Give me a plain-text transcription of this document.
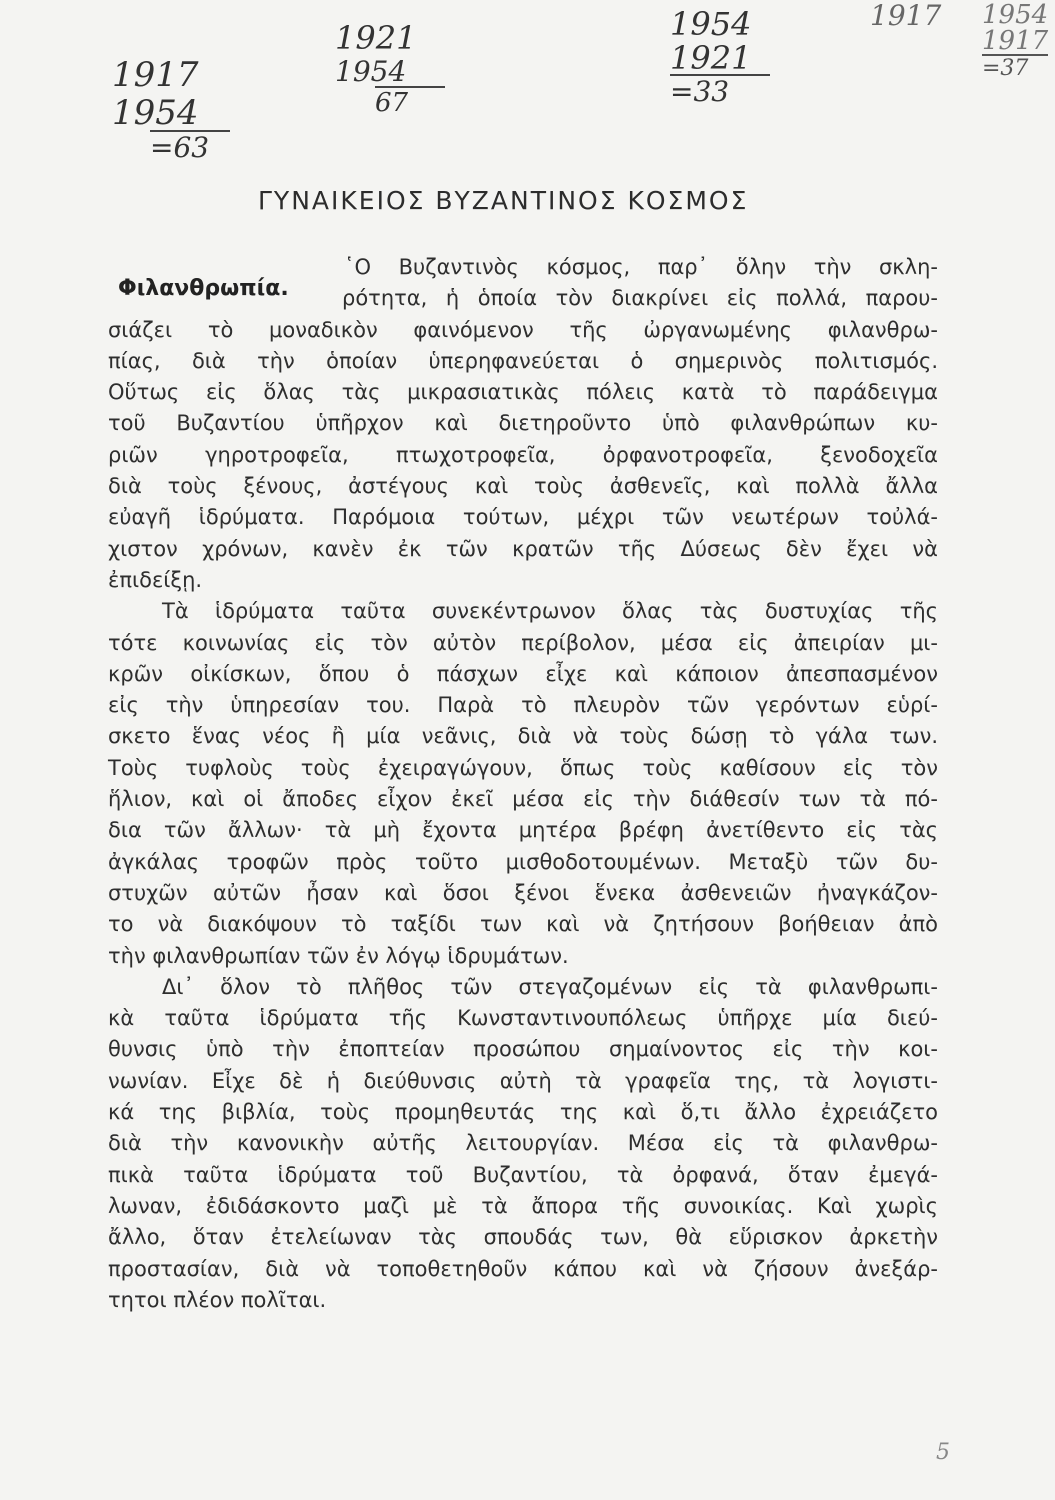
1917
1954
=63
1921
1954
67
1954
1921
=33
1917 1954
1917
=37
ΓΥΝΑΙΚΕΙΟΣ ΒΥΖΑΝΤΙΝΟΣ ΚΟΣΜΟΣ
Φιλανθρωπία.
῾Ο Βυζαντινὸς κόσμος, παρ᾽ ὅλην τὴν σκλη-
ρότητα, ἡ ὁποία τὸν διακρίνει εἰς πολλά, παρου-
σιάζει τὸ μοναδικὸν φαινόμενον τῆς ὠργανωμένης φιλανθρω-
πίας, διὰ τὴν ὁποίαν ὑπερηφανεύεται ὁ σημερινὸς πολιτισμός.
Οὕτως εἰς ὅλας τὰς μικρασιατικὰς πόλεις κατὰ τὸ παράδειγμα
τοῦ Βυζαντίου ὑπῆρχον καὶ διετηροῦντο ὑπὸ φιλανθρώπων κυ-
ριῶν γηροτροφεῖα, πτωχοτροφεῖα, ὀρφανοτροφεῖα, ξενοδοχεῖα
διὰ τοὺς ξένους, ἀστέγους καὶ τοὺς ἀσθενεῖς, καὶ πολλὰ ἄλλα
εὐαγῆ ἱδρύματα. Παρόμοια τούτων, μέχρι τῶν νεωτέρων τοὐλά-
χιστον χρόνων, κανὲν ἐκ τῶν κρατῶν τῆς Δύσεως δὲν ἔχει νὰ
ἐπιδείξῃ.
Τὰ ἱδρύματα ταῦτα συνεκέντρωνον ὅλας τὰς δυστυχίας τῆς
τότε κοινωνίας εἰς τὸν αὐτὸν περίβολον, μέσα εἰς ἀπειρίαν μι-
κρῶν οἰκίσκων, ὅπου ὁ πάσχων εἶχε καὶ κάποιον ἀπεσπασμένον
εἰς τὴν ὑπηρεσίαν του. Παρὰ τὸ πλευρὸν τῶν γερόντων εὑρί-
σκετο ἕνας νέος ἢ μία νεᾶνις, διὰ νὰ τοὺς δώσῃ τὸ γάλα των.
Τοὺς τυφλοὺς τοὺς ἐχειραγώγουν, ὅπως τοὺς καθίσουν εἰς τὸν
ἥλιον, καὶ οἱ ἄποδες εἶχον ἐκεῖ μέσα εἰς τὴν διάθεσίν των τὰ πό-
δια τῶν ἄλλων· τὰ μὴ ἔχοντα μητέρα βρέφη ἀνετίθεντο εἰς τὰς
ἀγκάλας τροφῶν πρὸς τοῦτο μισθοδοτουμένων. Μεταξὺ τῶν δυ-
στυχῶν αὐτῶν ἦσαν καὶ ὅσοι ξένοι ἕνεκα ἀσθενειῶν ἠναγκάζον-
το νὰ διακόψουν τὸ ταξίδι των καὶ νὰ ζητήσουν βοήθειαν ἀπὸ
τὴν φιλανθρωπίαν τῶν ἐν λόγῳ ἱδρυμάτων.
Δι᾽ ὅλον τὸ πλῆθος τῶν στεγαζομένων εἰς τὰ φιλανθρωπι-
κὰ ταῦτα ἱδρύματα τῆς Κωνσταντινουπόλεως ὑπῆρχε μία διεύ-
θυνσις ὑπὸ τὴν ἐποπτείαν προσώπου σημαίνοντος εἰς τὴν κοι-
νωνίαν. Εἶχε δὲ ἡ διεύθυνσις αὐτὴ τὰ γραφεῖα της, τὰ λογιστι-
κά της βιβλία, τοὺς προμηθευτάς της καὶ ὅ,τι ἄλλο ἐχρειάζετο
διὰ τὴν κανονικὴν αὐτῆς λειτουργίαν. Μέσα εἰς τὰ φιλανθρω-
πικὰ ταῦτα ἱδρύματα τοῦ Βυζαντίου, τὰ ὀρφανά, ὅταν ἐμεγά-
λωναν, ἐδιδάσκοντο μαζὶ μὲ τὰ ἄπορα τῆς συνοικίας. Καὶ χωρὶς
ἄλλο, ὅταν ἐτελείωναν τὰς σπουδάς των, θὰ εὕρισκον ἀρκετὴν
προστασίαν, διὰ νὰ τοποθετηθοῦν κάπου καὶ νὰ ζήσουν ἀνεξάρ-
τητοι πλέον πολῖται.
5
